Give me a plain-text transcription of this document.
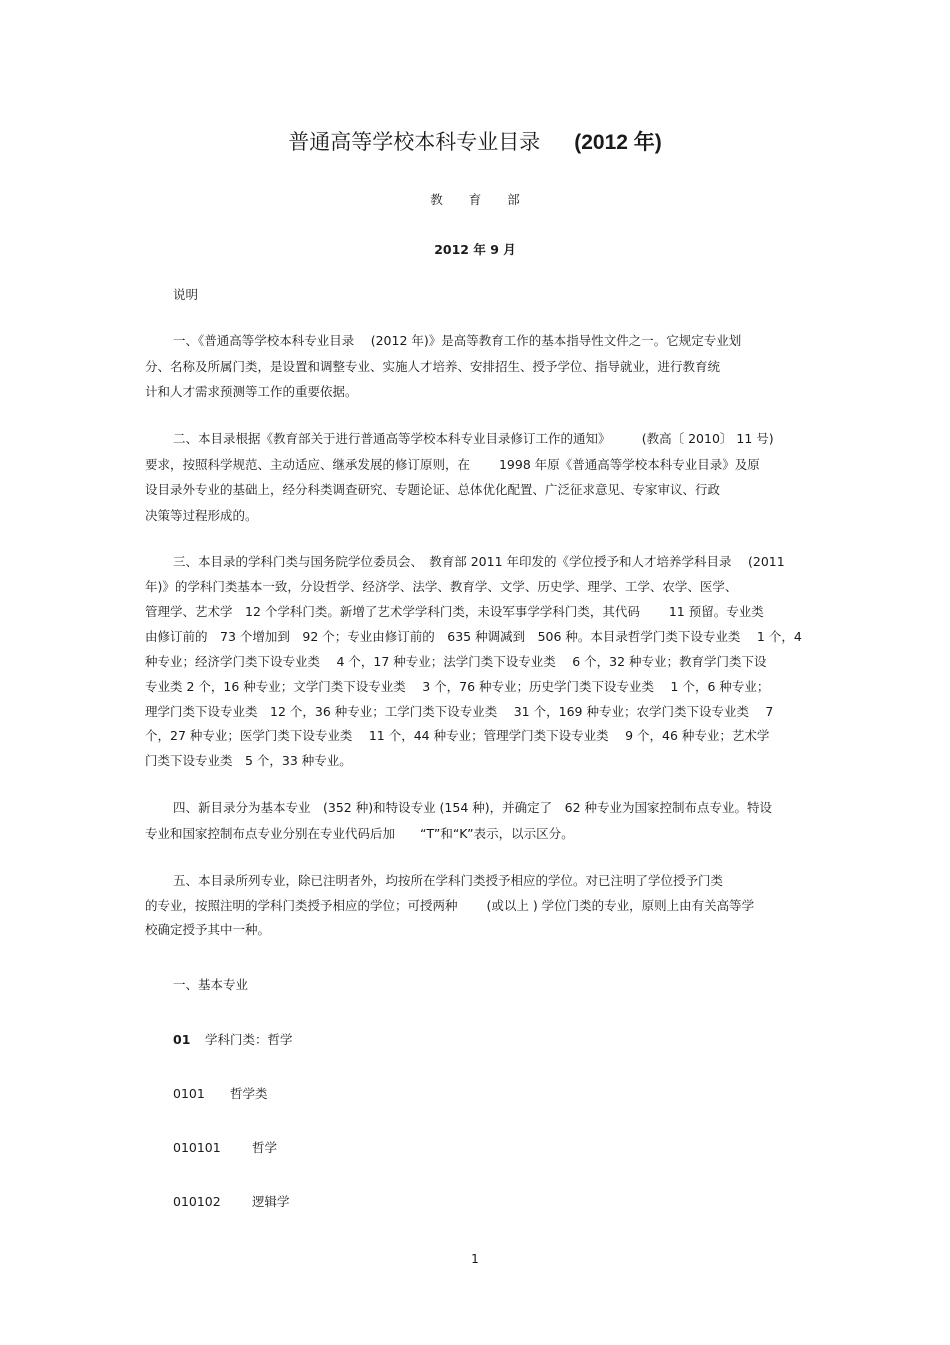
普通高等学校本科专业目录 (2012 年)
教育部
2012 年 9 月
说明
一、《普通高等学校本科专业目录　 (2012 年)》是高等教育工作的基本指导性文件之一。它规定专业划
分、名称及所属门类，是设置和调整专业、实施人才培养、安排招生、授予学位、指导就业，进行教育统
计和人才需求预测等工作的重要依据。
二、本目录根据《教育部关于进行普通高等学校本科专业目录修订工作的通知》　　　(教高〔 2010〕 11 号)
要求，按照科学规范、主动适应、继承发展的修订原则，在　　 1998 年原《普通高等学校本科专业目录》及原
设目录外专业的基础上，经分科类调查研究、专题论证、总体优化配置、广泛征求意见、专家审议、行政
决策等过程形成的。
三、本目录的学科门类与国务院学位委员会、　教育部 2011 年印发的《学位授予和人才培养学科目录　 (2011
年)》的学科门类基本一致，分设哲学、经济学、法学、教育学、文学、历史学、理学、工学、农学、医学、
管理学、艺术学　12 个学科门类。新增了艺术学学科门类，未设军事学学科门类，其代码　　 11 预留。专业类
由修订前的　73 个增加到　92 个；专业由修订前的　635 种调减到　506 种。本目录哲学门类下设专业类　 1 个，4
种专业；经济学门类下设专业类　 4 个，17 种专业；法学门类下设专业类　 6 个，32 种专业；教育学门类下设
专业类 2 个，16 种专业；文学门类下设专业类　 3 个，76 种专业；历史学门类下设专业类　 1 个，6 种专业；
理学门类下设专业类　12 个，36 种专业；工学门类下设专业类　 31 个，169 种专业；农学门类下设专业类　 7
个，27 种专业；医学门类下设专业类　 11 个，44 种专业；管理学门类下设专业类　 9 个，46 种专业；艺术学
门类下设专业类　5 个，33 种专业。
四、新目录分为基本专业　(352 种)和特设专业 (154 种)，并确定了　62 种专业为国家控制布点专业。特设
专业和国家控制布点专业分别在专业代码后加　　“T”和“K”表示，以示区分。
五、本目录所列专业，除已注明者外，均按所在学科门类授予相应的学位。对已注明了学位授予门类
的专业，按照注明的学科门类授予相应的学位；可授两种　　 (或以上 ) 学位门类的专业，原则上由有关高等学
校确定授予其中一种。
一、基本专业
01 学科门类：哲学
0101 哲学类
010101	哲学
010102	逻辑学
1
